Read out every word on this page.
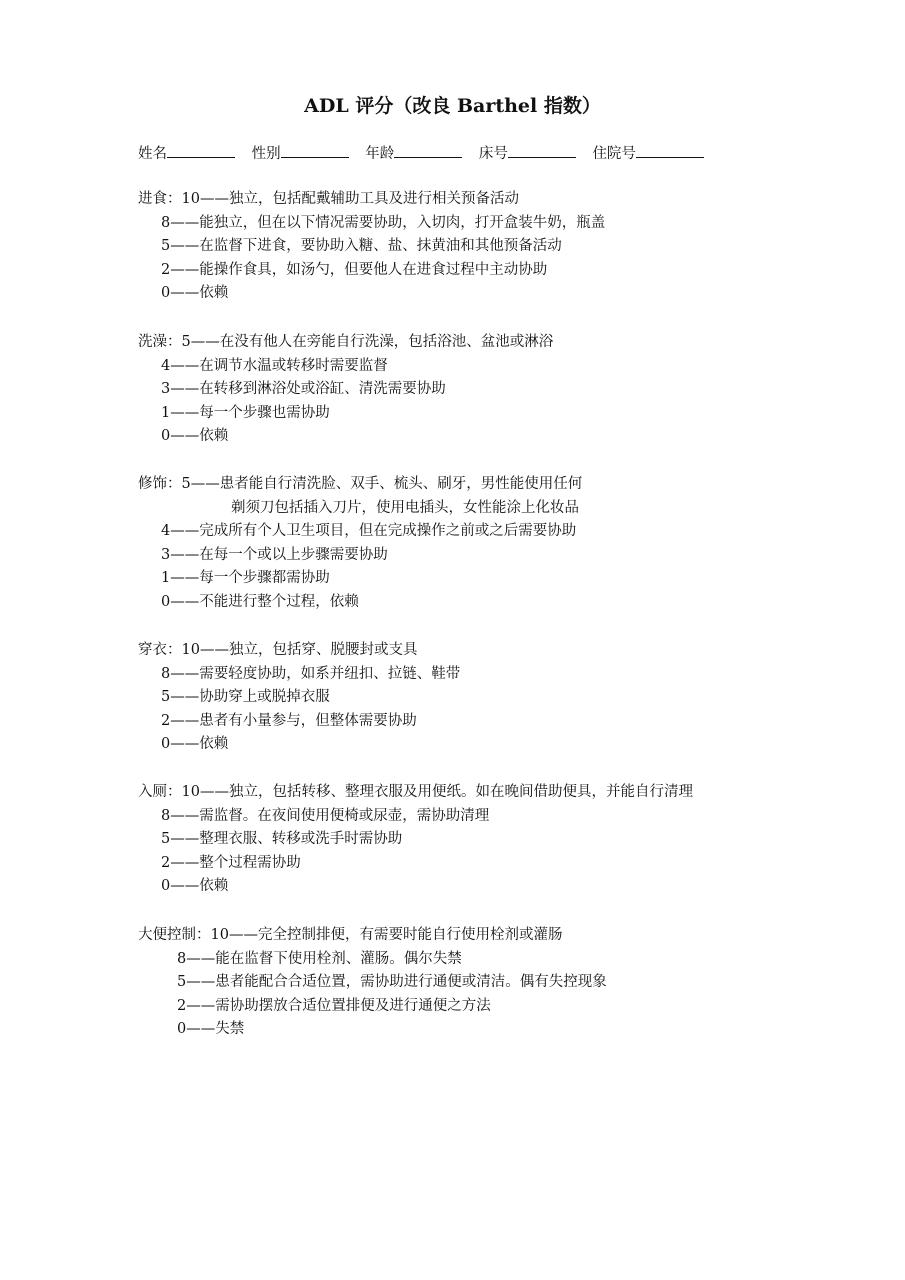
ADL 评分（改良 Barthel 指数）
姓名	性别	年龄	床号	住院号
进食：10——独立，包括配戴辅助工具及进行相关预备活动
8——能独立，但在以下情况需要协助，入切肉，打开盒装牛奶，瓶盖
5——在监督下进食，要协助入糖、盐、抹黄油和其他预备活动
2——能操作食具，如汤勺，但要他人在进食过程中主动协助
0——依赖
洗澡：5——在没有他人在旁能自行洗澡，包括浴池、盆池或淋浴
4——在调节水温或转移时需要监督
3——在转移到淋浴处或浴缸、清洗需要协助
1——每一个步骤也需协助
0——依赖
修饰：5——患者能自行清洗脸、双手、梳头、刷牙，男性能使用任何
剃须刀包括插入刀片，使用电插头，女性能涂上化妆品
4——完成所有个人卫生项目，但在完成操作之前或之后需要协助
3——在每一个或以上步骤需要协助
1——每一个步骤都需协助
0——不能进行整个过程，依赖
穿衣：10——独立，包括穿、脱腰封或支具
8——需要轻度协助，如系并纽扣、拉链、鞋带
5——协助穿上或脱掉衣服
2——患者有小量参与，但整体需要协助
0——依赖
入厕：10——独立，包括转移、整理衣服及用便纸。如在晚间借助便具，并能自行清理
8——需监督。在夜间使用便椅或尿壶，需协助清理
5——整理衣服、转移或洗手时需协助
2——整个过程需协助
0——依赖
大便控制：10——完全控制排便，有需要时能自行使用栓剂或灌肠
8——能在监督下使用栓剂、灌肠。偶尔失禁
5——患者能配合合适位置，需协助进行通便或清洁。偶有失控现象
2——需协助摆放合适位置排便及进行通便之方法
0——失禁
